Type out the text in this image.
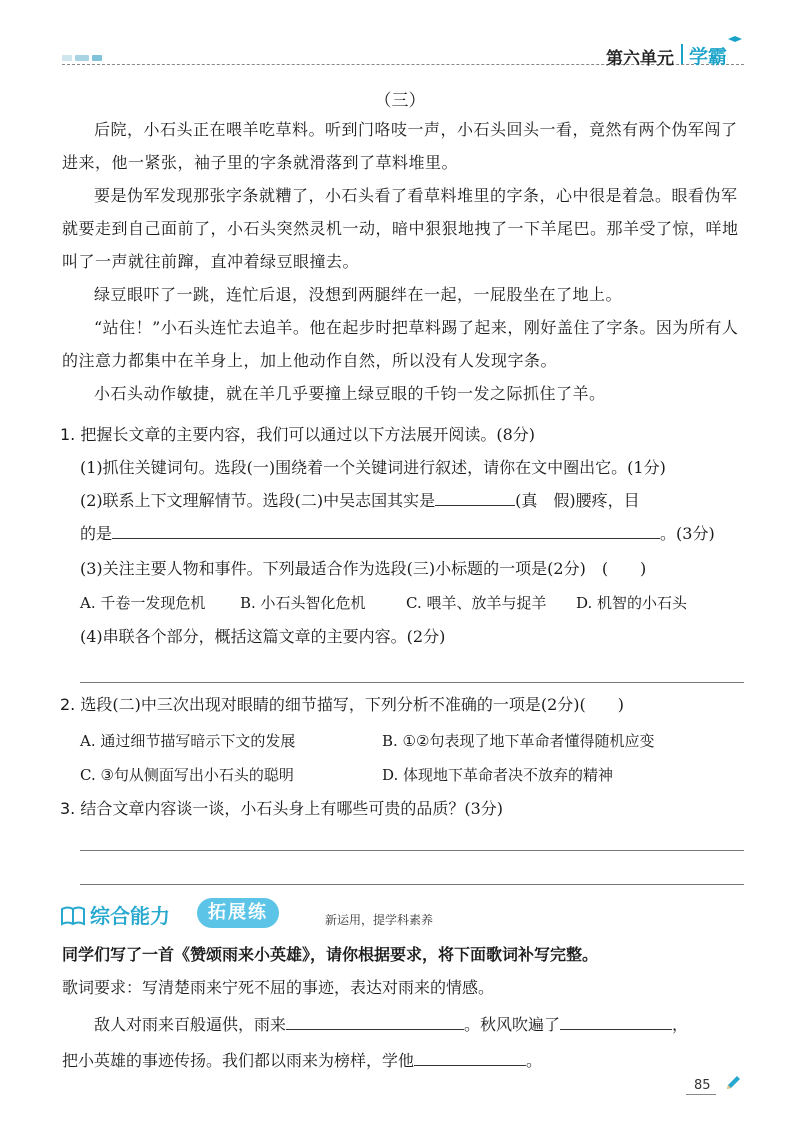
第六单元 学霸
（三）
后院，小石头正在喂羊吃草料。听到门咯吱一声，小石头回头一看，竟然有两个伪军闯了进来，他一紧张，袖子里的字条就滑落到了草料堆里。
要是伪军发现那张字条就糟了，小石头看了看草料堆里的字条，心中很是着急。眼看伪军就要走到自己面前了，小石头突然灵机一动，暗中狠狠地拽了一下羊尾巴。那羊受了惊，咩地叫了一声就往前蹿，直冲着绿豆眼撞去。
绿豆眼吓了一跳，连忙后退，没想到两腿绊在一起，一屁股坐在了地上。
“站住！”小石头连忙去追羊。他在起步时把草料踢了起来，刚好盖住了字条。因为所有人的注意力都集中在羊身上，加上他动作自然，所以没有人发现字条。
小石头动作敏捷，就在羊几乎要撞上绿豆眼的千钧一发之际抓住了羊。
1. 把握长文章的主要内容，我们可以通过以下方法展开阅读。(8分)
(1)抓住关键词句。选段(一)围绕着一个关键词进行叙述，请你在文中圈出它。(1分)
(2)联系上下文理解情节。选段(二)中吴志国其实是	(真　假)腰疼，目
的是	。(3分)
(3)关注主要人物和事件。下列最适合作为选段(三)小标题的一项是(2分)　(　　)
A. 千卷一发现危机 B. 小石头智化危机	C. 喂羊、放羊与捉羊 D. 机智的小石头
(4)串联各个部分，概括这篇文章的主要内容。(2分)
2. 选段(二)中三次出现对眼睛的细节描写，下列分析不准确的一项是(2分)(　　)
A. 通过细节描写暗示下文的发展	B. ①②句表现了地下革命者懂得随机应变
C. ③句从侧面写出小石头的聪明	D. 体现地下革命者决不放弃的精神
3. 结合文章内容谈一谈，小石头身上有哪些可贵的品质？(3分)
综合能力	拓展练	新运用，提学科素养
同学们写了一首《赞颂雨来小英雄》，请你根据要求，将下面歌词补写完整。
歌词要求：写清楚雨来宁死不屈的事迹，表达对雨来的情感。
敌人对雨来百般逼供，雨来	。秋风吹遍了	，
把小英雄的事迹传扬。我们都以雨来为榜样，学他	。
85
